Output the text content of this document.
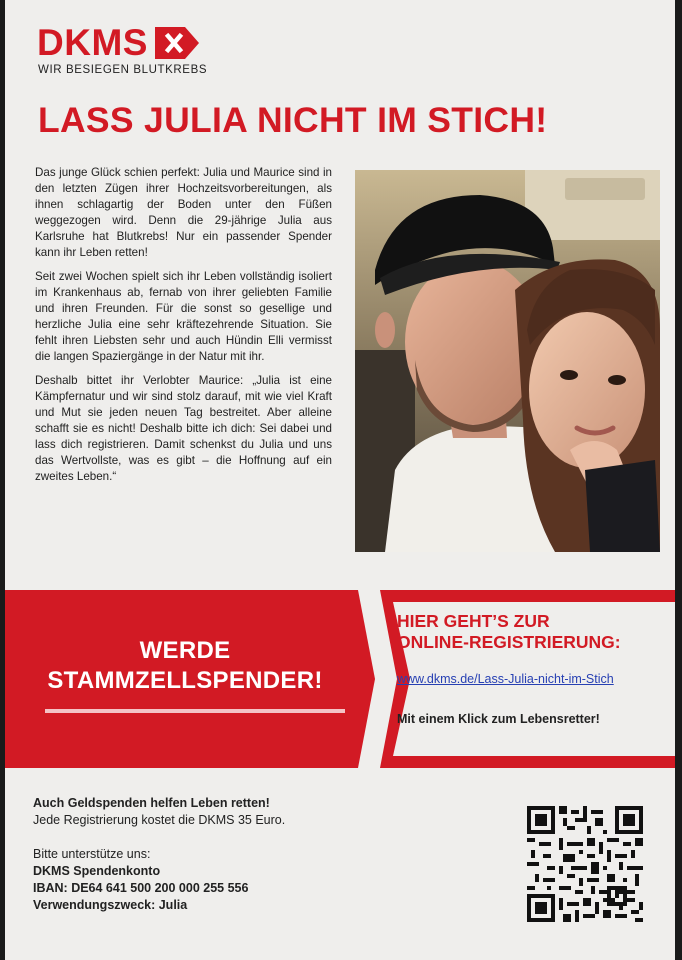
DKMS
WIR BESIEGEN BLUTKREBS
LASS JULIA NICHT IM STICH!

Das junge Glück schien perfekt: Julia und Maurice sind in den letzten Zügen ihrer Hochzeitsvorbereitungen, als ihnen schlagartig der Boden unter den Füßen weggezogen wird. Denn die 29-jährige Julia aus Karlsruhe hat Blutkrebs! Nur ein passender Spender kann ihr Leben retten!

Seit zwei Wochen spielt sich ihr Leben vollständig isoliert im Krankenhaus ab, fernab von ihrer geliebten Familie und ihren Freunden. Für die sonst so gesellige und herzliche Julia eine sehr kräftezehrende Situation. Sie fehlt ihren Liebsten sehr und auch Hündin Elli vermisst die langen Spaziergänge in der Natur mit ihr.

Deshalb bittet ihr Verlobter Maurice: „Julia ist eine Kämpfernatur und wir sind stolz darauf, mit wie viel Kraft und Mut sie jeden neuen Tag bestreitet. Aber alleine schafft sie es nicht! Deshalb bitte ich dich: Sei dabei und lass dich registrieren. Damit schenkst du Julia und uns das Wertvollste, was es gibt – die Hoffnung auf ein zweites Leben.“

WERDE
STAMMZELLSPENDER!
HIER GEHT’S ZUR
ONLINE-REGISTRIERUNG:
www.dkms.de/Lass-Julia-nicht-im-Stich
Mit einem Klick zum Lebensretter!
Auch Geldspenden helfen Leben retten!
Jede Registrierung kostet die DKMS 35 Euro.
Bitte unterstütze uns:
DKMS Spendenkonto
IBAN: DE64 641 500 200 000 255 556
Verwendungszweck: Julia
